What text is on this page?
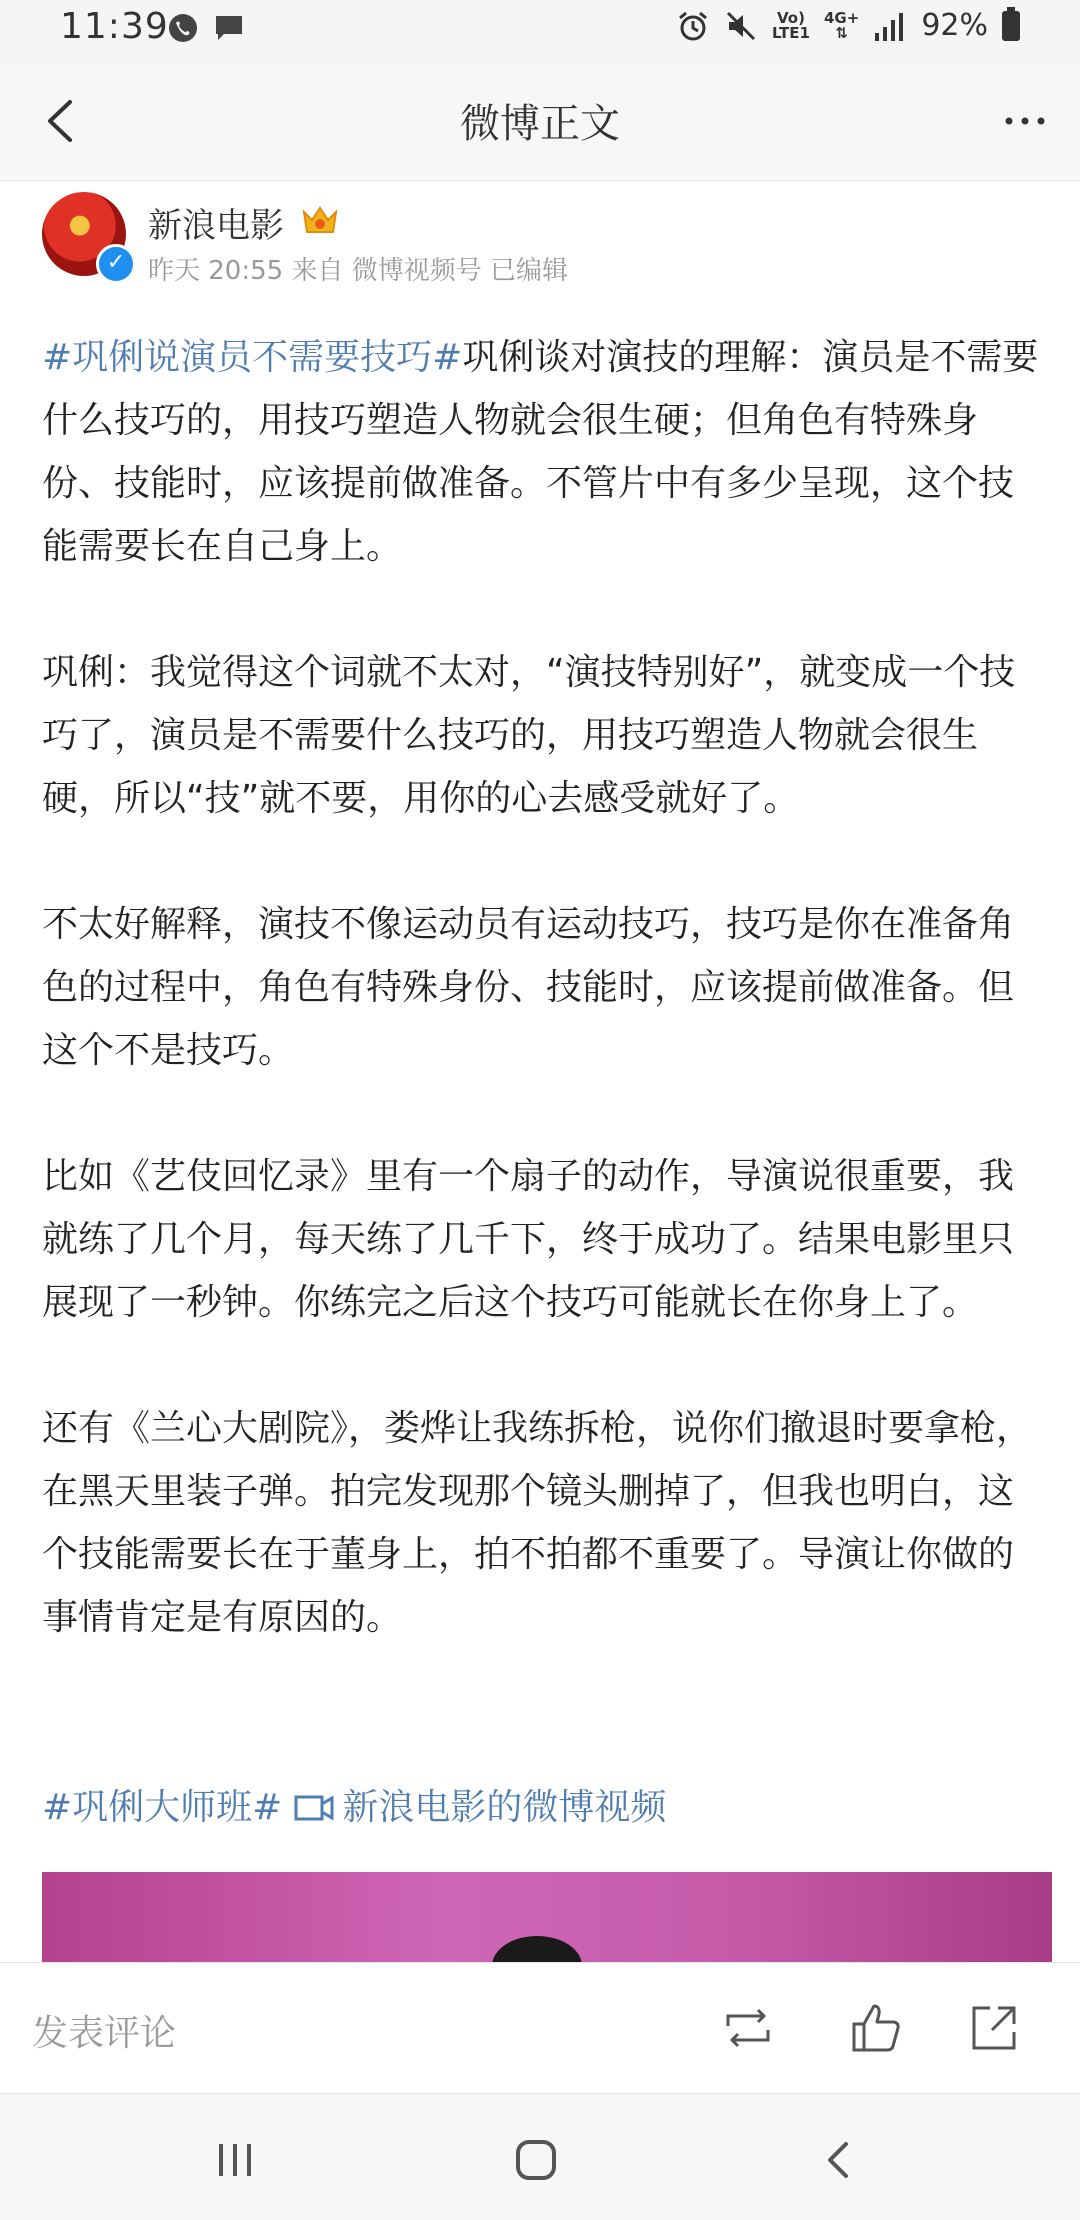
11:39	Vo)
LTE1
4G+
⇅	92%
微博正文
✓
新浪电影
昨天 20:55 来自 微博视频号 已编辑

#巩俐说演员不需要技巧#巩俐谈对演技的理解：演员是不需要什么技巧的，用技巧塑造人物就会很生硬；但角色有特殊身份、技能时，应该提前做准备。不管片中有多少呈现，这个技能需要长在自己身上。

巩俐：我觉得这个词就不太对，“演技特别好”，就变成一个技巧了，演员是不需要什么技巧的，用技巧塑造人物就会很生硬，所以“技”就不要，用你的心去感受就好了。

不太好解释，演技不像运动员有运动技巧，技巧是你在准备角色的过程中，角色有特殊身份、技能时，应该提前做准备。但这个不是技巧。

比如《艺伎回忆录》里有一个扇子的动作，导演说很重要，我就练了几个月，每天练了几千下，终于成功了。结果电影里只展现了一秒钟。你练完之后这个技巧可能就长在你身上了。

还有《兰心大剧院》，娄烨让我练拆枪，说你们撤退时要拿枪，在黑天里装子弹。拍完发现那个镜头删掉了，但我也明白，这个技能需要长在于董身上，拍不拍都不重要了。导演让你做的事情肯定是有原因的。

#巩俐大师班# 新浪电影的微博视频
发表评论
